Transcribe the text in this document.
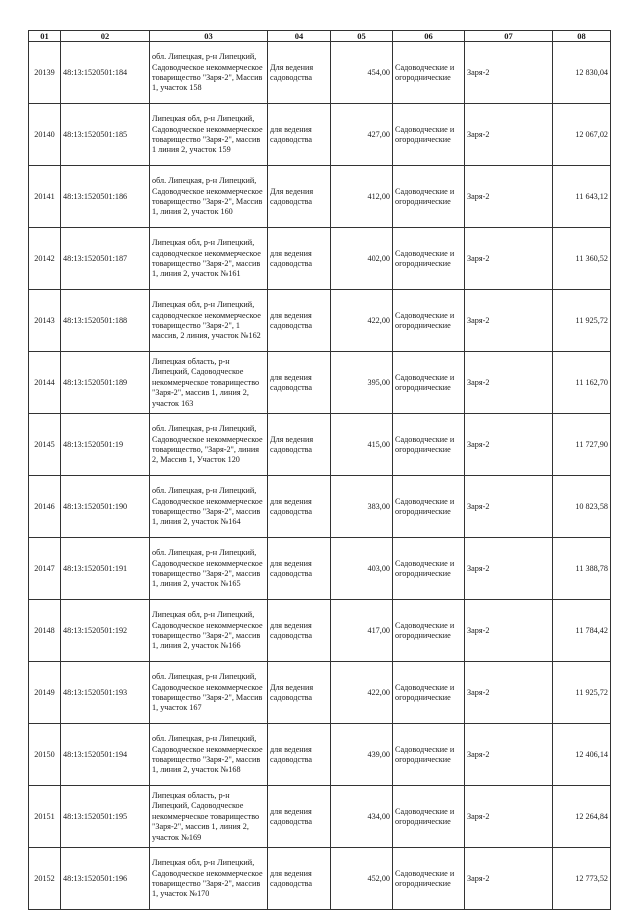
01	02	03	04	05	06	07	08
20139	48:13:1520501:184	обл. Липецкая, р-н Липецкий, Садоводческое некоммерческое товарищество "Заря-2", Массив 1, участок 158	Для ведения садоводства	454,00	Садоводческие и огороднические	Заря-2	12 830,04
20140	48:13:1520501:185	Липецкая обл, р-н Липецкий, Садоводческое некоммерческое товарищество "Заря-2", массив 1 линия 2, участок 159	для ведения садоводства	427,00	Садоводческие и огороднические	Заря-2	12 067,02
20141	48:13:1520501:186	обл. Липецкая, р-н Липецкий, Садоводческое некоммерческое товарищество "Заря-2", Массив 1, линия 2, участок 160	Для ведения садоводства	412,00	Садоводческие и огороднические	Заря-2	11 643,12
20142	48:13:1520501:187	Липецкая обл, р-н Липецкий, садоводческое некоммерческое товарищество "Заря-2", массив 1, линия 2, участок №161	для ведения садоводства	402,00	Садоводческие и огороднические	Заря-2	11 360,52
20143	48:13:1520501:188	Липецкая обл, р-н Липецкий, садоводческое некоммерческое товарищество "Заря-2", 1 массив, 2 линия, участок №162	для ведения садоводства	422,00	Садоводческие и огороднические	Заря-2	11 925,72
20144	48:13:1520501:189	Липецкая область, р-н Липецкий, Садоводческое некоммерческое товарищество "Заря-2", массив 1, линия 2, участок 163	для ведения садоводства	395,00	Садоводческие и огороднические	Заря-2	11 162,70
20145	48:13:1520501:19	обл. Липецкая, р-н Липецкий, Садоводческое некоммерческое товарищество, "Заря-2", линия 2, Массив 1, Участок 120	Для ведения садоводства	415,00	Садоводческие и огороднические	Заря-2	11 727,90
20146	48:13:1520501:190	обл. Липецкая, р-н Липецкий, Садоводческое некоммерческое товарищество "Заря-2", массив 1, линия 2, участок №164	для ведения садоводства	383,00	Садоводческие и огороднические	Заря-2	10 823,58
20147	48:13:1520501:191	обл. Липецкая, р-н Липецкий, Садоводческое некоммерческое товарищество "Заря-2", массив 1, линия 2, участок №165	для ведения садоводства	403,00	Садоводческие и огороднические	Заря-2	11 388,78
20148	48:13:1520501:192	Липецкая обл, р-н Липецкий, Садоводческое некоммерческое товарищество "Заря-2", массив 1, линия 2, участок №166	для ведения садоводства	417,00	Садоводческие и огороднические	Заря-2	11 784,42
20149	48:13:1520501:193	обл. Липецкая, р-н Липецкий, Садоводческое некоммерческое товарищество "Заря-2", Массив 1, участок 167	Для ведения садоводства	422,00	Садоводческие и огороднические	Заря-2	11 925,72
20150	48:13:1520501:194	обл. Липецкая, р-н Липецкий, Садоводческое некоммерческое товарищество "Заря-2", массив 1, линия 2, участок №168	для ведения садоводства	439,00	Садоводческие и огороднические	Заря-2	12 406,14
20151	48:13:1520501:195	Липецкая область, р-н Липецкий, Садоводческое некоммерческое товарищество "Заря-2", массив 1, линия 2, участок №169	для ведения садоводства	434,00	Садоводческие и огороднические	Заря-2	12 264,84
20152	48:13:1520501:196	Липецкая обл, р-н Липецкий, Садоводческое некоммерческое товарищество "Заря-2", массив 1, участок №170	для ведения садоводства	452,00	Садоводческие и огороднические	Заря-2	12 773,52
